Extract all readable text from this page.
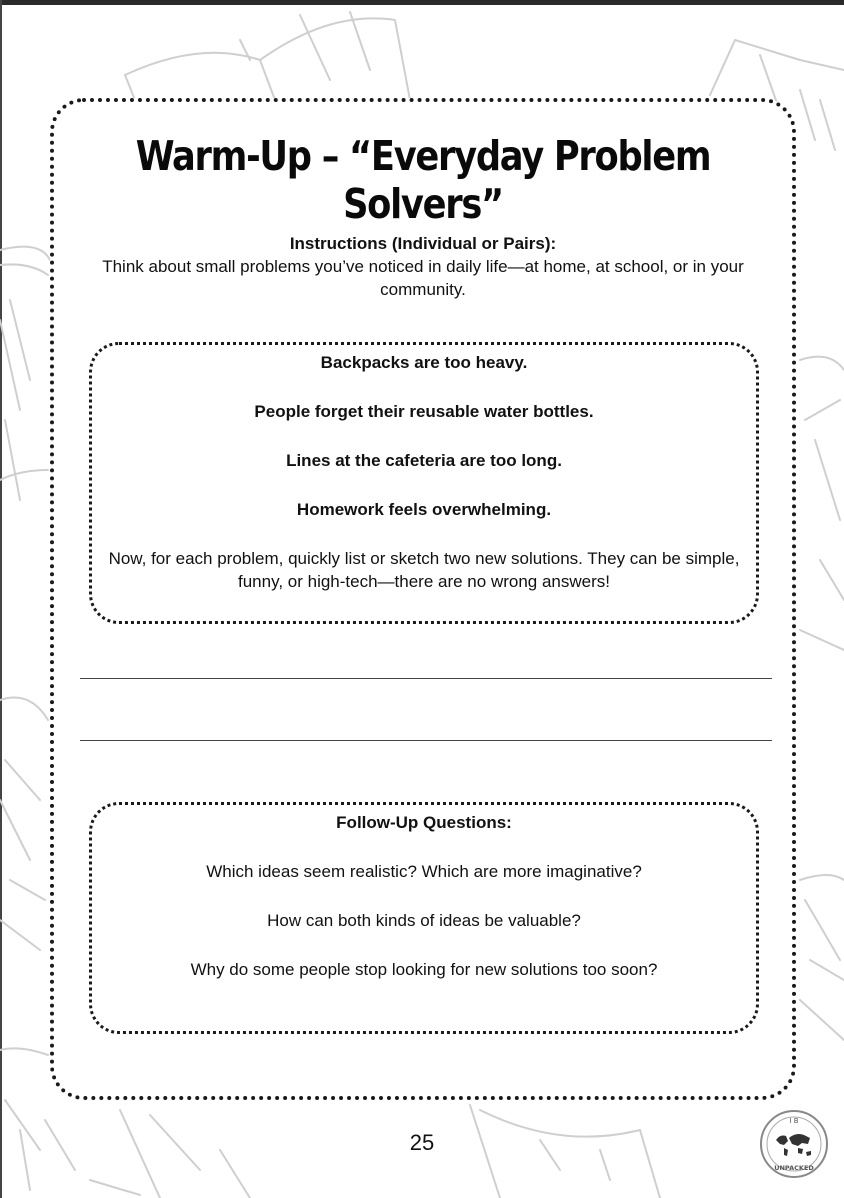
Warm-Up – “Everyday Problem Solvers”
Instructions (Individual or Pairs):
Think about small problems you’ve noticed in daily life—at home, at school, or in your community.

Backpacks are too heavy.

People forget their reusable water bottles.

Lines at the cafeteria are too long.

Homework feels overwhelming.

Now, for each problem, quickly list or sketch two new solutions. They can be simple, funny, or high-tech—there are no wrong answers!

Follow-Up Questions:

Which ideas seem realistic? Which are more imaginative?

How can both kinds of ideas be valuable?

Why do some people stop looking for new solutions too soon?

25
I B
UNPACKED
